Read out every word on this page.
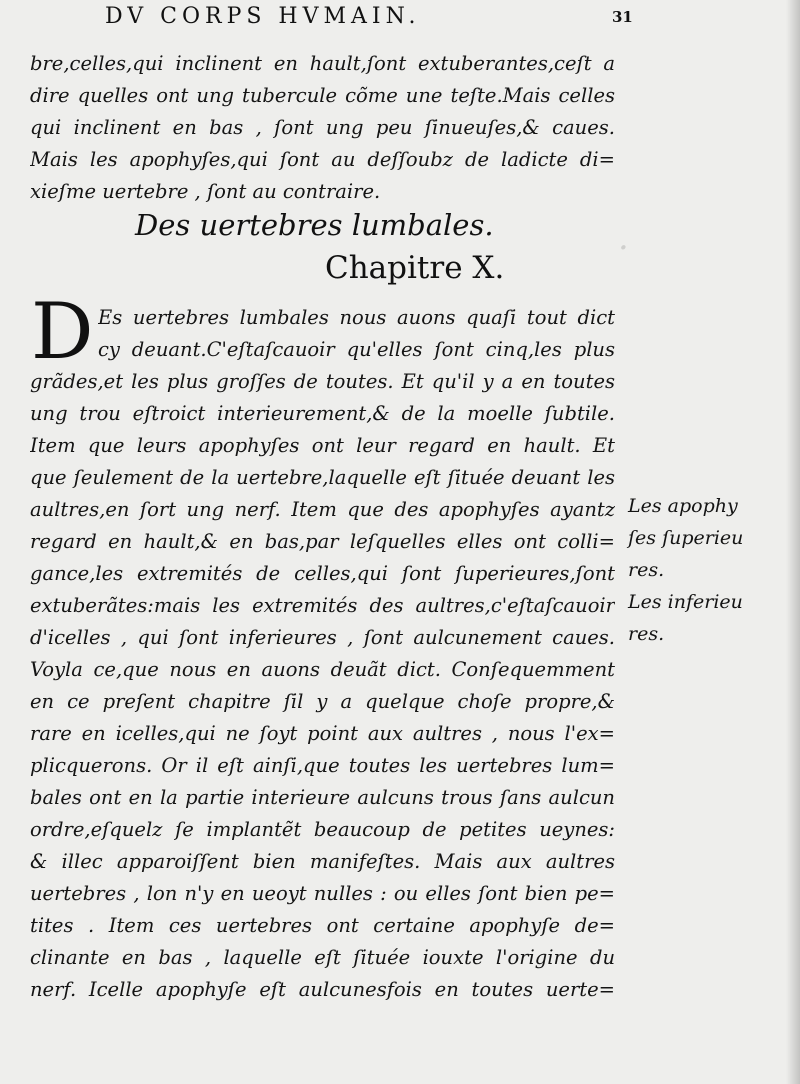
·
DV CORPS HVMAIN.	31
bre,celles,qui inclinent en hault,ſont extuberantes,ceſt a
dire quelles ont ung tubercule cõme une teſte.Mais celles
qui inclinent en bas , ſont ung peu ſinueuſes,& caues.
Mais les apophyſes,qui ſont au deſſoubz de ladicte di=
xieſme uertebre , ſont au contraire.
Des uertebres lumbales.
Chapitre X.
D Es uertebres lumbales nous auons quaſi tout dict
cy deuant.C'eſtaſcauoir qu'elles ſont cinq,les plus
grãdes,et les plus groſſes de toutes. Et qu'il y a en toutes
ung trou eſtroict interieurement,& de la moelle ſubtile.
Item que leurs apophyſes ont leur regard en hault. Et
que ſeulement de la uertebre,laquelle eſt ſituée deuant les
aultres,en ſort ung nerf. Item que des apophyſes ayantz
regard en hault,& en bas,par leſquelles elles ont colli=
gance,les extremités de celles,qui ſont ſuperieures,ſont
extuberãtes:mais les extremités des aultres,c'eſtaſcauoir
d'icelles , qui ſont inferieures , ſont aulcunement caues.
Voyla ce,que nous en auons deuãt dict. Conſequemment
en ce preſent chapitre ſil y a quelque choſe propre,&
rare en icelles,qui ne ſoyt point aux aultres , nous l'ex=
plicquerons. Or il eſt ainſi,que toutes les uertebres lum=
bales ont en la partie interieure aulcuns trous ſans aulcun
ordre,eſquelz ſe implantẽt beaucoup de petites ueynes:
& illec apparoiſſent bien manifeſtes. Mais aux aultres
uertebres , lon n'y en ueoyt nulles : ou elles ſont bien pe=
tites . Item ces uertebres ont certaine apophyſe de=
clinante en bas , laquelle eſt ſituée iouxte l'origine du
nerf. Icelle apophyſe eſt aulcunesfois en toutes uerte=
Les apophy
ſes ſuperieu
res.
Les inferieu
res.
